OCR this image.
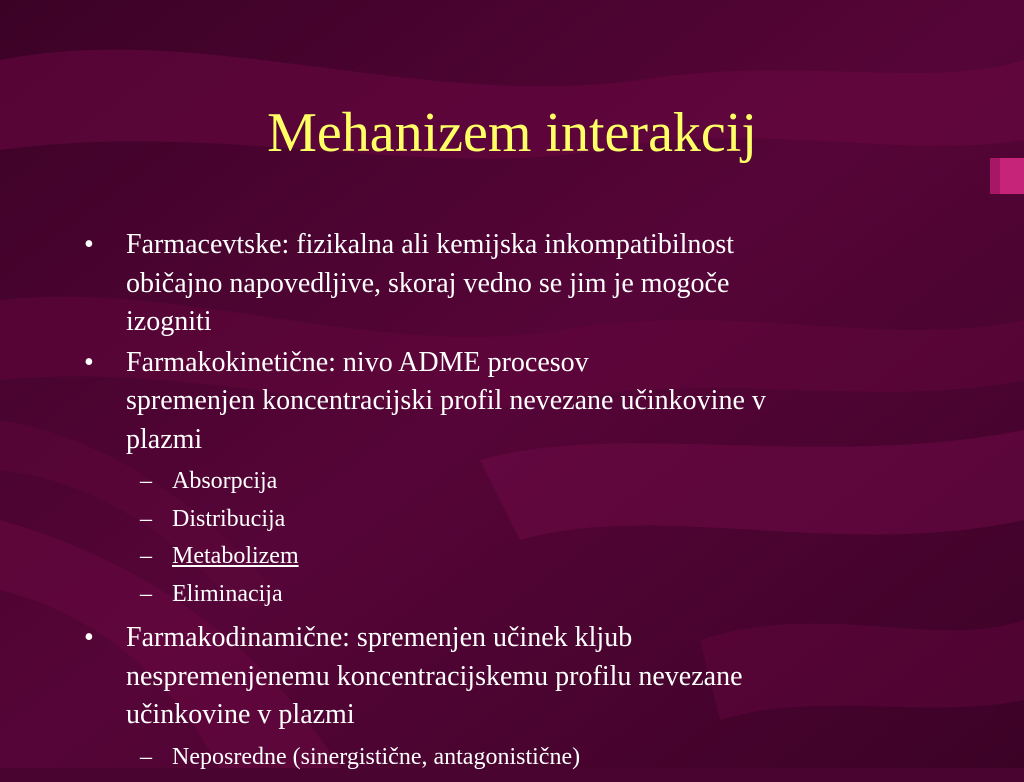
Mehanizem interakcij
• Farmacevtske: fizikalna ali kemijska inkompatibilnost
običajno napovedljive, skoraj vedno se jim je mogoče
izogniti
• Farmakokinetične: nivo ADME procesov
spremenjen koncentracijski profil nevezane učinkovine v
plazmi
– Absorpcija
– Distribucija
– Metabolizem
– Eliminacija
• Farmakodinamične: spremenjen učinek kljub
nespremenjenemu koncentracijskemu profilu nevezane
učinkovine v plazmi
– Neposredne (sinergistične, antagonistične)
